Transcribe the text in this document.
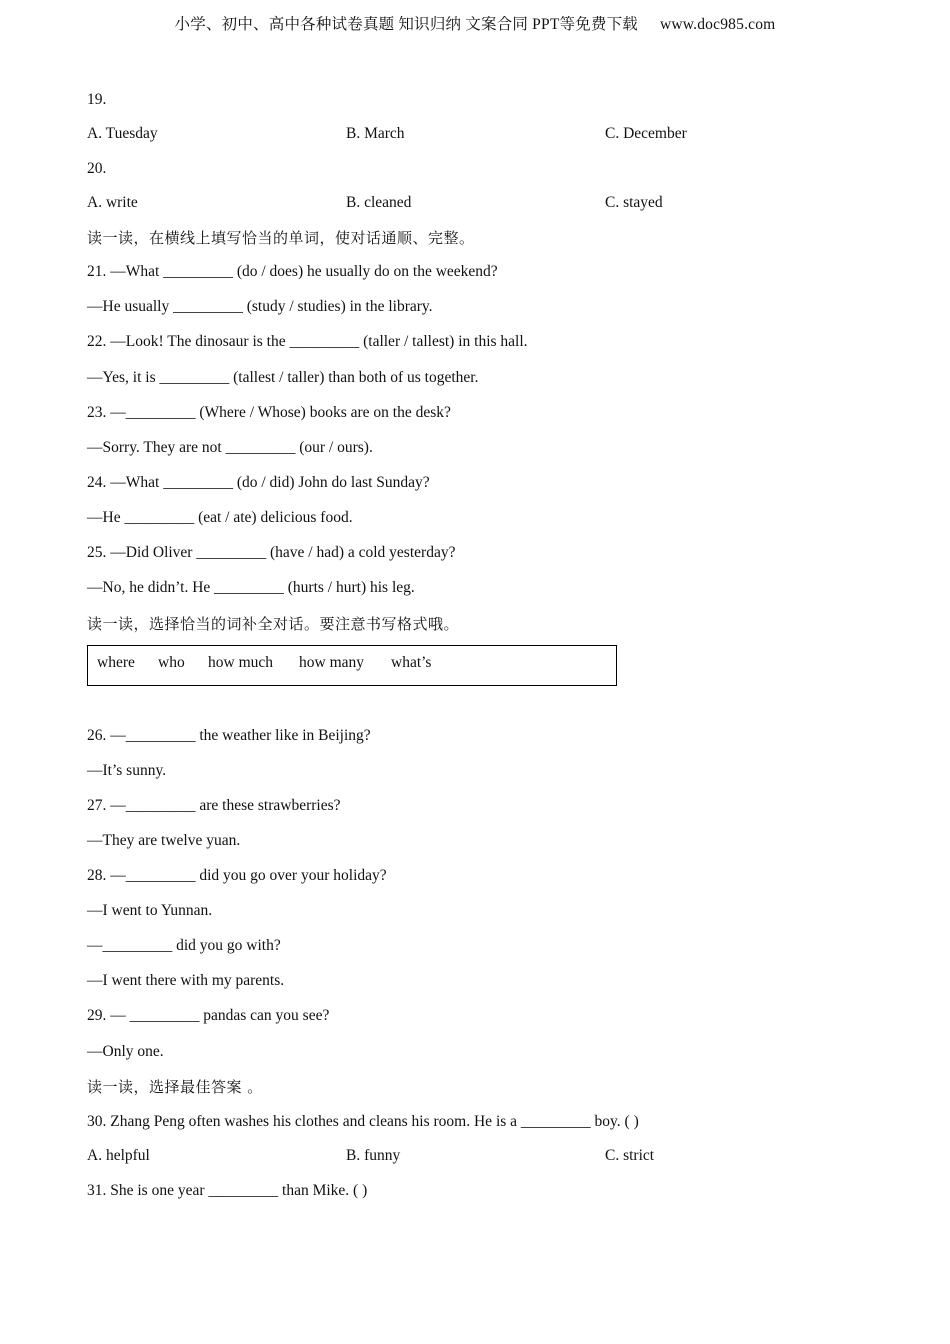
小学、初中、高中各种试卷真题 知识归纳 文案合同 PPT等免费下载 www.doc985.com
19.
A. Tuesday	B. March	C. December
20.
A. write	B. cleaned	C. stayed
读一读，在横线上填写恰当的单词，使对话通顺、完整。
21. —What _________ (do / does) he usually do on the weekend?
—He usually _________ (study / studies) in the library.
22. —Look! The dinosaur is the _________ (taller / tallest) in this hall.
—Yes, it is _________ (tallest / taller) than both of us together.
23. —_________ (Where / Whose) books are on the desk?
—Sorry. They are not _________ (our / ours).
24. —What _________ (do / did) John do last Sunday?
—He _________ (eat / ate) delicious food.
25. —Did Oliver _________ (have / had) a cold yesterday?
—No, he didn’t. He _________ (hurts / hurt) his leg.
读一读，选择恰当的词补全对话。要注意书写格式哦。
where who how much how many what’s
26. —_________ the weather like in Beijing?
—It’s sunny.
27. —_________ are these strawberries?
—They are twelve yuan.
28. —_________ did you go over your holiday?
—I went to Yunnan.
—_________ did you go with?
—I went there with my parents.
29. — _________ pandas can you see?
—Only one.
读一读，选择最佳答案 。
30. Zhang Peng often washes his clothes and cleans his room. He is a _________ boy. ( )
A. helpful	B. funny	C. strict
31. She is one year _________ than Mike. ( )
